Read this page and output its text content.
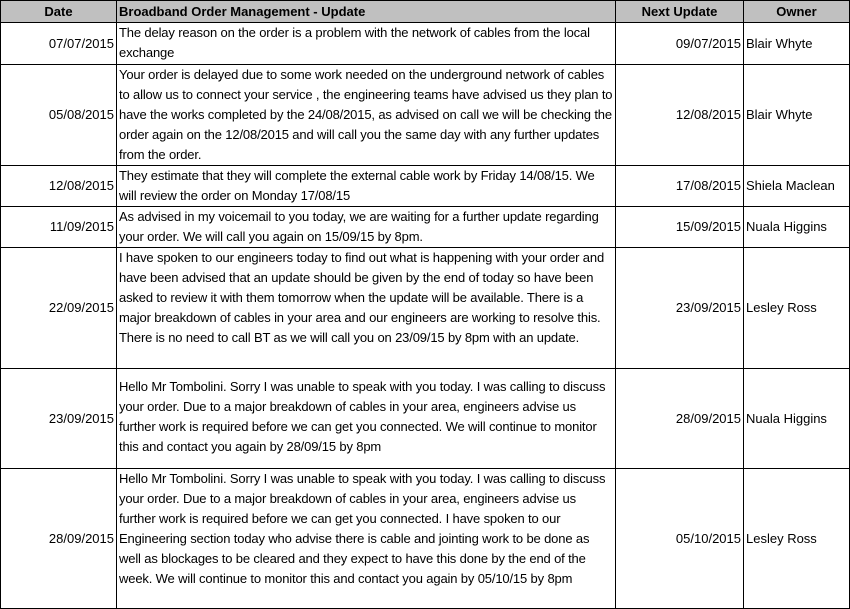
Date	Broadband Order Management - Update	Next Update	Owner
07/07/2015	The delay reason on the order is a problem with the network of cables from the local exchange	09/07/2015	Blair Whyte
05/08/2015	Your order is delayed due to some work needed on the underground network of cables to allow us to connect your service , the engineering teams have advised us they plan to have the works completed by the 24/08/2015, as advised on call we will be checking the order again on the 12/08/2015 and will call you the same day with any further updates from the order.	12/08/2015	Blair Whyte
12/08/2015	They estimate that they will complete the external cable work by Friday 14/08/15. We will review the order on Monday 17/08/15	17/08/2015	Shiela Maclean
11/09/2015	As advised in my voicemail to you today, we are waiting for a further update regarding your order. We will call you again on 15/09/15 by 8pm.	15/09/2015	Nuala Higgins
22/09/2015	I have spoken to our engineers today to find out what is happening with your order and have been advised that an update should be given by the end of today so have been asked to review it with them tomorrow when the update will be available. There is a major breakdown of cables in your area and our engineers are working to resolve this. There is no need to call BT as we will call you on 23/09/15 by 8pm with an update.	23/09/2015	Lesley Ross
23/09/2015	Hello Mr Tombolini. Sorry I was unable to speak with you today. I was calling to discuss your order. Due to a major breakdown of cables in your area, engineers advise us further work is required before we can get you connected. We will continue to monitor this and contact you again by 28/09/15 by 8pm	28/09/2015	Nuala Higgins
28/09/2015	Hello Mr Tombolini. Sorry I was unable to speak with you today. I was calling to discuss your order. Due to a major breakdown of cables in your area, engineers advise us further work is required before we can get you connected. I have spoken to our Engineering section today who advise there is cable and jointing work to be done as well as blockages to be cleared and they expect to have this done by the end of the week. We will continue to monitor this and contact you again by 05/10/15 by 8pm	05/10/2015	Lesley Ross
